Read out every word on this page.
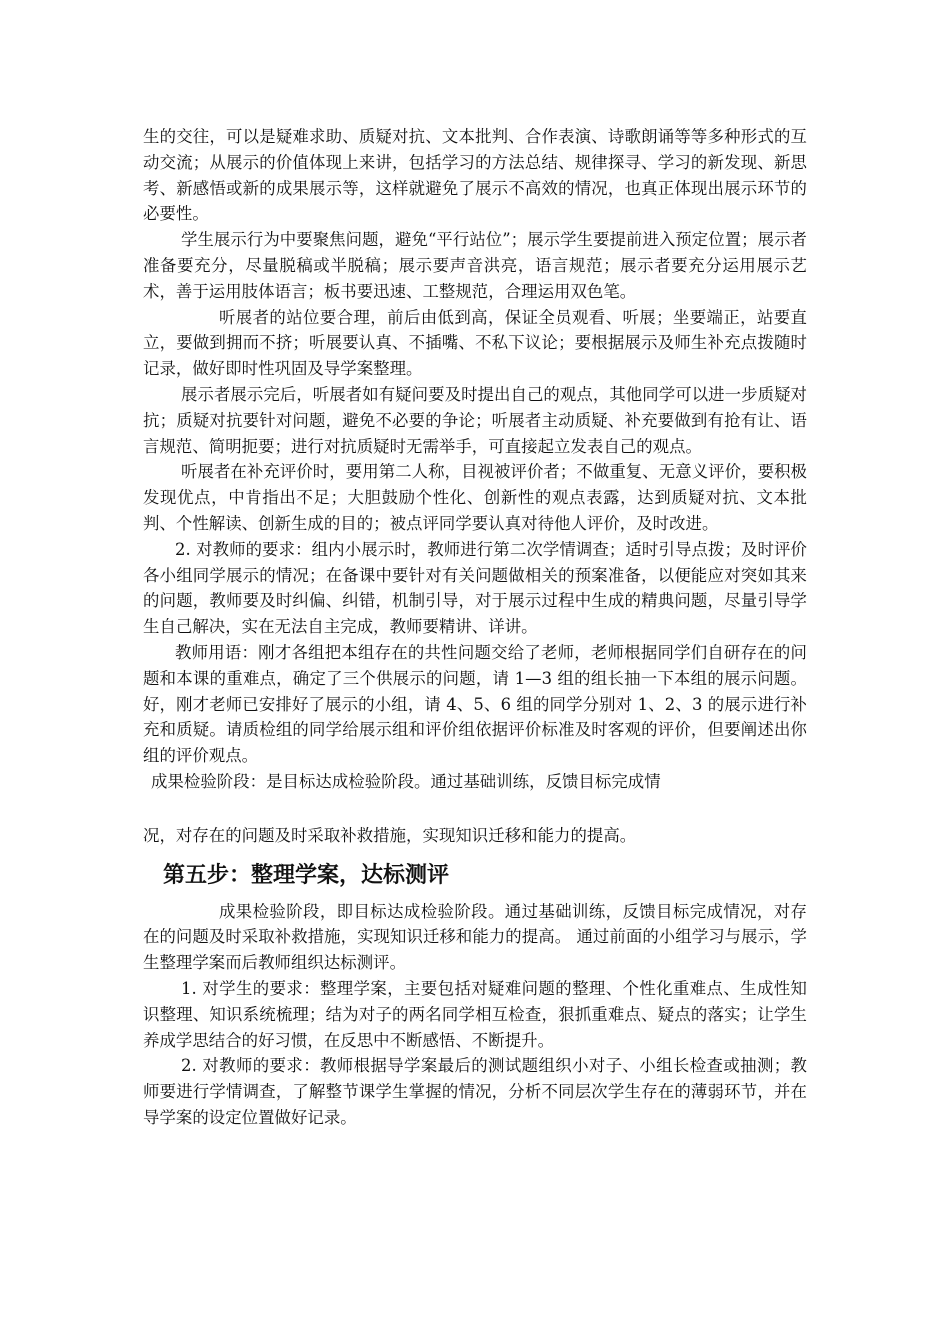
生的交往，可以是疑难求助、质疑对抗、文本批判、合作表演、诗歌朗诵等等多种形式的互动交流；从展示的价值体现上来讲，包括学习的方法总结、规律探寻、学习的新发现、新思考、新感悟或新的成果展示等，这样就避免了展示不高效的情况，也真正体现出展示环节的必要性。

学生展示行为中要聚焦问题，避免“平行站位”；展示学生要提前进入预定位置；展示者准备要充分，尽量脱稿或半脱稿；展示要声音洪亮，语言规范；展示者要充分运用展示艺术，善于运用肢体语言；板书要迅速、工整规范，合理运用双色笔。

听展者的站位要合理，前后由低到高，保证全员观看、听展；坐要端正，站要直立，要做到拥而不挤；听展要认真、不插嘴、不私下议论；要根据展示及师生补充点拨随时记录，做好即时性巩固及导学案整理。

展示者展示完后，听展者如有疑问要及时提出自己的观点，其他同学可以进一步质疑对抗；质疑对抗要针对问题，避免不必要的争论；听展者主动质疑、补充要做到有抢有让、语言规范、简明扼要；进行对抗质疑时无需举手，可直接起立发表自己的观点。

听展者在补充评价时，要用第二人称，目视被评价者；不做重复、无意义评价，要积极发现优点，中肯指出不足；大胆鼓励个性化、创新性的观点表露，达到质疑对抗、文本批判、个性解读、创新生成的目的；被点评同学要认真对待他人评价，及时改进。

2. 对教师的要求：组内小展示时，教师进行第二次学情调查；适时引导点拨；及时评价各小组同学展示的情况；在备课中要针对有关问题做相关的预案准备，以便能应对突如其来的问题，教师要及时纠偏、纠错，机制引导，对于展示过程中生成的精典问题，尽量引导学生自己解决，实在无法自主完成，教师要精讲、详讲。

教师用语：刚才各组把本组存在的共性问题交给了老师，老师根据同学们自研存在的问题和本课的重难点，确定了三个供展示的问题，请 1—3 组的组长抽一下本组的展示问题。好，刚才老师已安排好了展示的小组，请 4、5、6 组的同学分别对 1、2、3 的展示进行补充和质疑。请质检组的同学给展示组和评价组依据评价标准及时客观的评价，但要阐述出你组的评价观点。

成果检验阶段：是目标达成检验阶段。通过基础训练，反馈目标完成情

况，对存在的问题及时采取补救措施，实现知识迁移和能力的提高。

第五步：整理学案，达标测评

成果检验阶段，即目标达成检验阶段。通过基础训练，反馈目标完成情况，对存在的问题及时采取补救措施，实现知识迁移和能力的提高。 通过前面的小组学习与展示，学生整理学案而后教师组织达标测评。

1. 对学生的要求：整理学案，主要包括对疑难问题的整理、个性化重难点、生成性知识整理、知识系统梳理；结为对子的两名同学相互检查，狠抓重难点、疑点的落实；让学生养成学思结合的好习惯，在反思中不断感悟、不断提升。

2. 对教师的要求：教师根据导学案最后的测试题组织小对子、小组长检查或抽测；教师要进行学情调查，了解整节课学生掌握的情况，分析不同层次学生存在的薄弱环节，并在导学案的设定位置做好记录。
